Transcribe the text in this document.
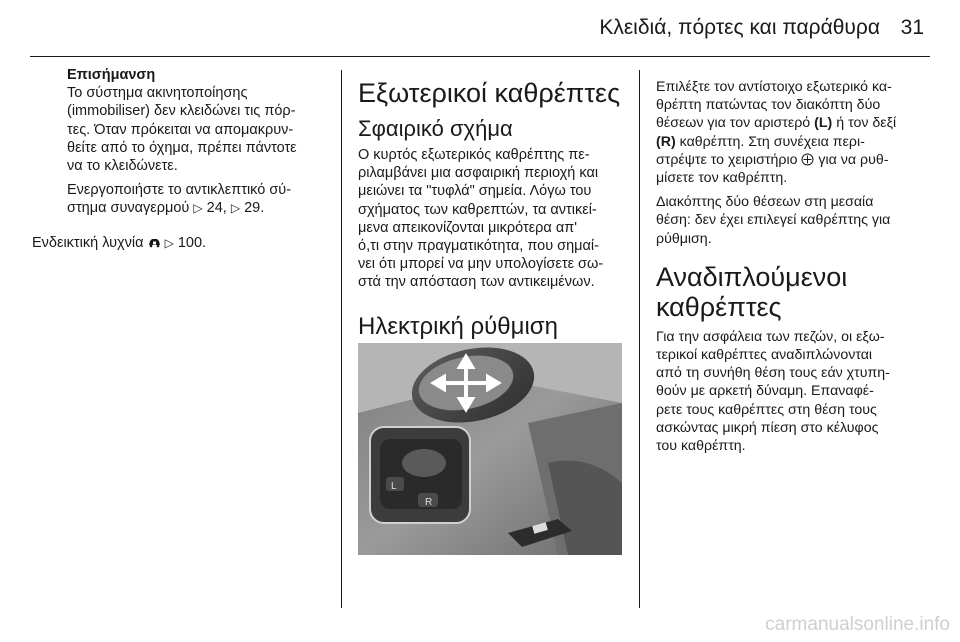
Κλειδιά, πόρτες και παράθυρα 31
Επισήμανση

Το σύστημα ακινητοποίησης
(immobiliser) δεν κλειδώνει τις πόρ-
τες. Όταν πρόκειται να απομακρυν-
θείτε από το όχημα, πρέπει πάντοτε
να το κλειδώνετε.

Ενεργοποιήστε το αντικλεπτικό σύ-
στημα συναγερμού ▷ 24, ▷ 29.

Ενδεικτική λυχνία ▷ 100.
Εξωτερικοί καθρέπτες
Σφαιρικό σχήμα

Ο κυρτός εξωτερικός καθρέπτης πε-
ριλαμβάνει μια ασφαιρική περιοχή και
μειώνει τα "τυφλά" σημεία. Λόγω του
σχήματος των καθρεπτών, τα αντικεί-
μενα απεικονίζονται μικρότερα απ'
ό,τι στην πραγματικότητα, που σημαί-
νει ότι μπορεί να μην υπολογίσετε σω-
στά την απόσταση των αντικειμένων.

Ηλεκτρική ρύθμιση
L
R

Επιλέξτε τον αντίστοιχο εξωτερικό κα-
θρέπτη πατώντας τον διακόπτη δύο
θέσεων για τον αριστερό (L) ή τον δεξί
(R) καθρέπτη. Στη συνέχεια περι-
στρέψτε το χειριστήριο για να ρυθ-
μίσετε τον καθρέπτη.

Διακόπτης δύο θέσεων στη μεσαία
θέση: δεν έχει επιλεγεί καθρέπτης για
ρύθμιση.

Αναδιπλούμενοι
καθρέπτες

Για την ασφάλεια των πεζών, οι εξω-
τερικοί καθρέπτες αναδιπλώνονται
από τη συνήθη θέση τους εάν χτυπη-
θούν με αρκετή δύναμη. Επαναφέ-
ρετε τους καθρέπτες στη θέση τους
ασκώντας μικρή πίεση στο κέλυφος
του καθρέπτη.

carmanualsonline.info
